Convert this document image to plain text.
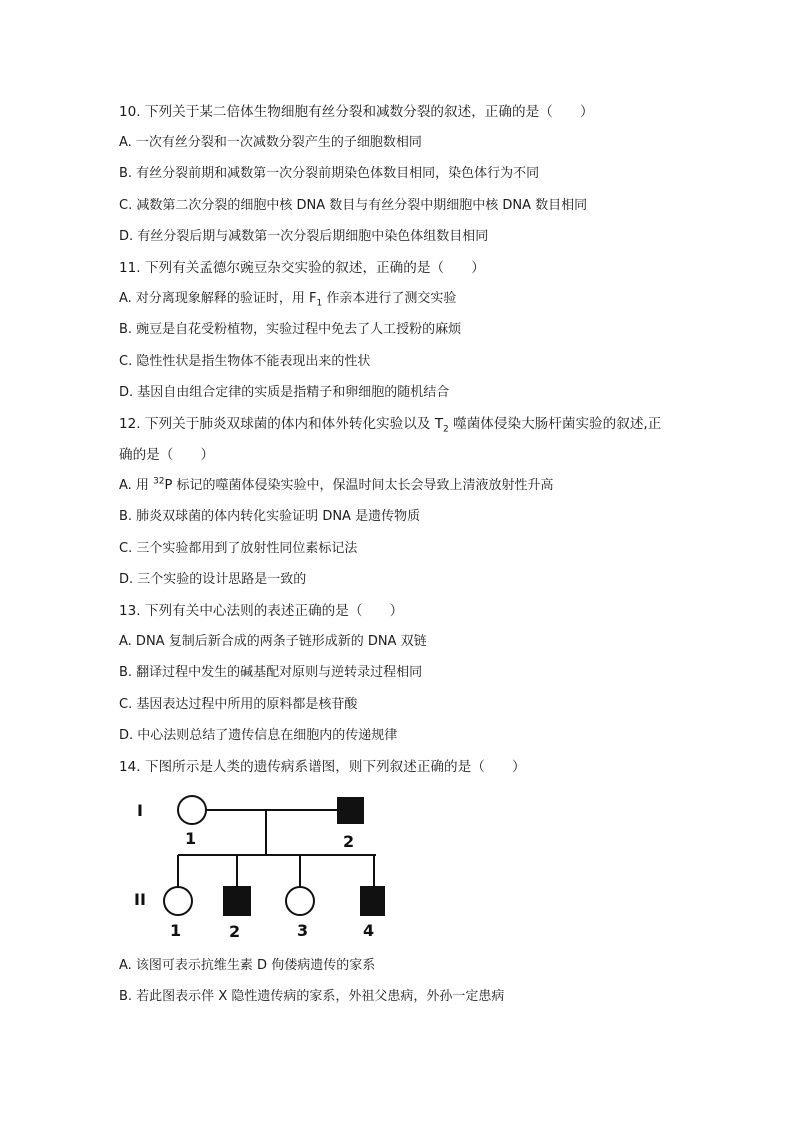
10. 下列关于某二倍体生物细胞有丝分裂和减数分裂的叙述，正确的是（　　）
A. 一次有丝分裂和一次减数分裂产生的子细胞数相同
B. 有丝分裂前期和减数第一次分裂前期染色体数目相同，染色体行为不同
C. 减数第二次分裂的细胞中核 DNA 数目与有丝分裂中期细胞中核 DNA 数目相同
D. 有丝分裂后期与减数第一次分裂后期细胞中染色体组数目相同
11. 下列有关孟德尔豌豆杂交实验的叙述，正确的是（　　）
A. 对分离现象解释的验证时，用 $F_1$ 作亲本进行了测交实验
B. 豌豆是自花受粉植物，实验过程中免去了人工授粉的麻烦
C. 隐性性状是指生物体不能表现出来的性状
D. 基因自由组合定律的实质是指精子和卵细胞的随机结合
12. 下列关于肺炎双球菌的体内和体外转化实验以及 $T_2$ 噬菌体侵染大肠杆菌实验的叙述,正
确的是（　　）
A. 用 $^{32}$P 标记的噬菌体侵染实验中，保温时间太长会导致上清液放射性升高
B. 肺炎双球菌的体内转化实验证明 DNA 是遗传物质
C. 三个实验都用到了放射性同位素标记法
D. 三个实验的设计思路是一致的
13. 下列有关中心法则的表述正确的是（　　）
A. DNA 复制后新合成的两条子链形成新的 DNA 双链
B. 翻译过程中发生的碱基配对原则与逆转录过程相同
C. 基因表达过程中所用的原料都是核苷酸
D. 中心法则总结了遗传信息在细胞内的传递规律
14. 下图所示是人类的遗传病系谱图，则下列叙述正确的是（　　）
I
II
1	2
1	2	3	4
A. 该图可表示抗维生素 D 佝偻病遗传的家系
B. 若此图表示伴 X 隐性遗传病的家系，外祖父患病，外孙一定患病
